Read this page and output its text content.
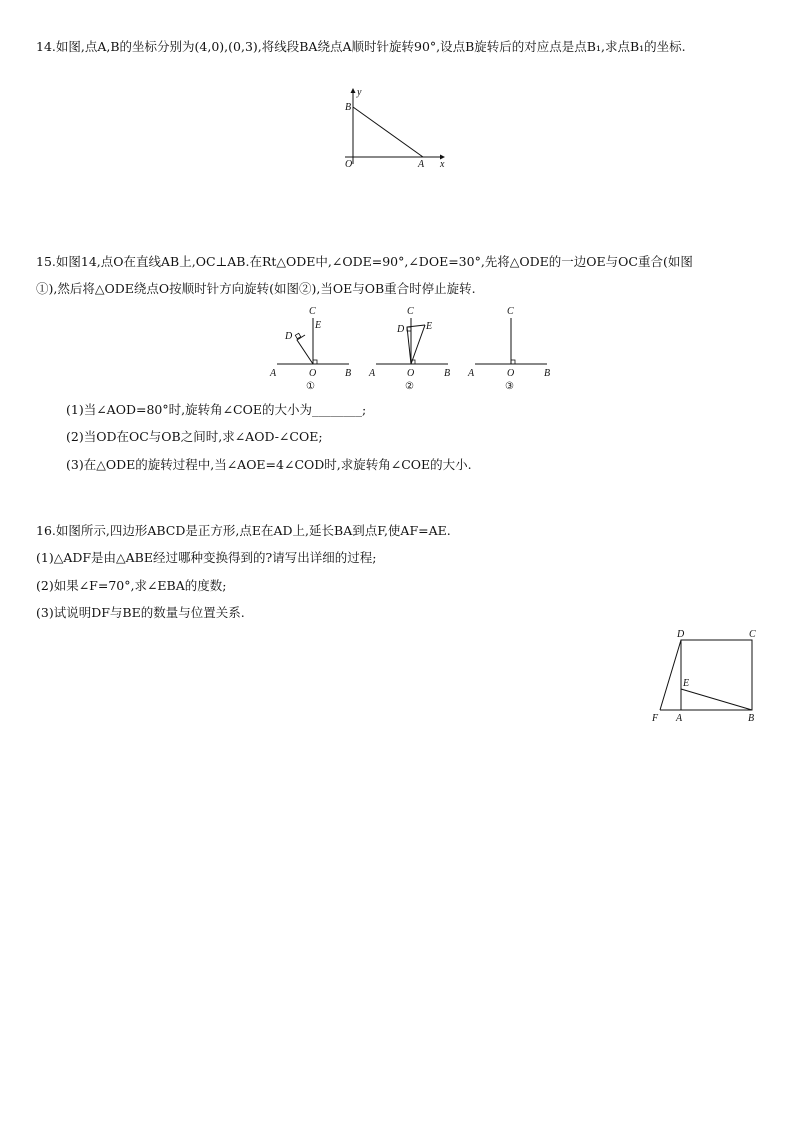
14.如图,点A,B的坐标分别为(4,0),(0,3),将线段BA绕点A顺时针旋转90°,设点B旋转后的对应点是点B₁,求点B₁的坐标.
B
y
O	A x
15.如图14,点O在直线AB上,OC⊥AB.在Rt△ODE中,∠ODE=90°,∠DOE=30°,先将△ODE的一边OE与OC重合(如图
①),然后将△ODE绕点O按顺时针方向旋转(如图②),当OE与OB重合时停止旋转.
A	O	B
C
D
E
①
A	O	B
C
D E
②
A	O	B
C
③
(1)当∠AOD=80°时,旋转角∠COE的大小为________;
(2)当OD在OC与OB之间时,求∠AOD-∠COE;
(3)在△ODE的旋转过程中,当∠AOE=4∠COD时,求旋转角∠COE的大小.
16.如图所示,四边形ABCD是正方形,点E在AD上,延长BA到点F,使AF=AE.
(1)△ADF是由△ABE经过哪种变换得到的?请写出详细的过程;
(2)如果∠F=70°,求∠EBA的度数;
(3)试说明DF与BE的数量与位置关系.
D	C
E
F A	B
